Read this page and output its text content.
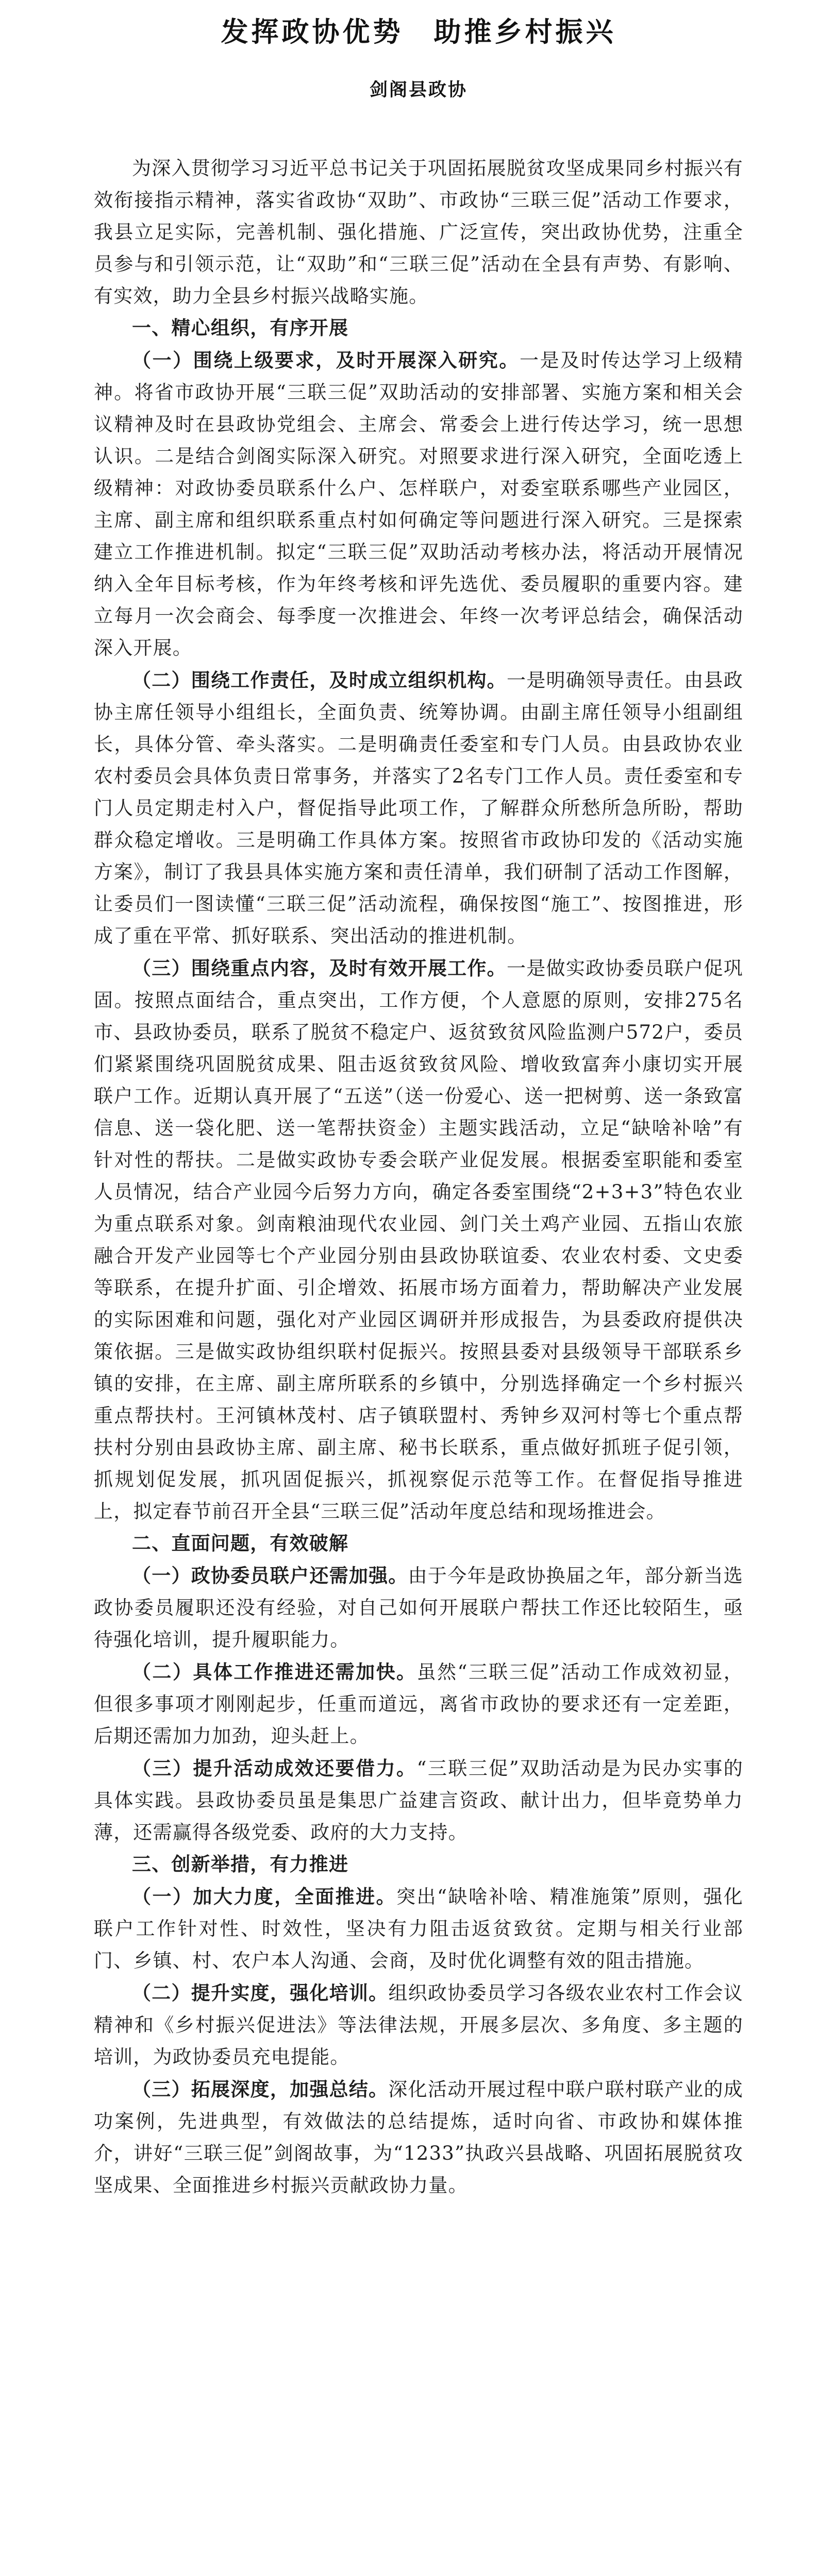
发挥政协优势　助推乡村振兴
剑阁县政协

为深入贯彻学习习近平总书记关于巩固拓展脱贫攻坚成果同乡村振兴有效衔接指示精神，落实省政协“双助”、市政协“三联三促”活动工作要求，我县立足实际，完善机制、强化措施、广泛宣传，突出政协优势，注重全员参与和引领示范，让“双助”和“三联三促”活动在全县有声势、有影响、有实效，助力全县乡村振兴战略实施。

一、精心组织，有序开展

（一）围绕上级要求，及时开展深入研究。一是及时传达学习上级精神。将省市政协开展“三联三促”双助活动的安排部署、实施方案和相关会议精神及时在县政协党组会、主席会、常委会上进行传达学习，统一思想认识。二是结合剑阁实际深入研究。对照要求进行深入研究，全面吃透上级精神：对政协委员联系什么户、怎样联户，对委室联系哪些产业园区，主席、副主席和组织联系重点村如何确定等问题进行深入研究。三是探索建立工作推进机制。拟定“三联三促”双助活动考核办法，将活动开展情况纳入全年目标考核，作为年终考核和评先选优、委员履职的重要内容。建立每月一次会商会、每季度一次推进会、年终一次考评总结会，确保活动深入开展。

（二）围绕工作责任，及时成立组织机构。一是明确领导责任。由县政协主席任领导小组组长，全面负责、统筹协调。由副主席任领导小组副组长，具体分管、牵头落实。二是明确责任委室和专门人员。由县政协农业农村委员会具体负责日常事务，并落实了2名专门工作人员。责任委室和专门人员定期走村入户，督促指导此项工作，了解群众所愁所急所盼，帮助群众稳定增收。三是明确工作具体方案。按照省市政协印发的《活动实施方案》，制订了我县具体实施方案和责任清单，我们研制了活动工作图解，让委员们一图读懂“三联三促”活动流程，确保按图“施工”、按图推进，形成了重在平常、抓好联系、突出活动的推进机制。

（三）围绕重点内容，及时有效开展工作。一是做实政协委员联户促巩固。按照点面结合，重点突出，工作方便，个人意愿的原则，安排275名市、县政协委员，联系了脱贫不稳定户、返贫致贫风险监测户572户，委员们紧紧围绕巩固脱贫成果、阻击返贫致贫风险、增收致富奔小康切实开展联户工作。近期认真开展了“五送”（送一份爱心、送一把树剪、送一条致富信息、送一袋化肥、送一笔帮扶资金）主题实践活动，立足“缺啥补啥”有针对性的帮扶。二是做实政协专委会联产业促发展。根据委室职能和委室人员情况，结合产业园今后努力方向，确定各委室围绕“2+3+3”特色农业为重点联系对象。剑南粮油现代农业园、剑门关土鸡产业园、五指山农旅融合开发产业园等七个产业园分别由县政协联谊委、农业农村委、文史委等联系，在提升扩面、引企增效、拓展市场方面着力，帮助解决产业发展的实际困难和问题，强化对产业园区调研并形成报告，为县委政府提供决策依据。三是做实政协组织联村促振兴。按照县委对县级领导干部联系乡镇的安排，在主席、副主席所联系的乡镇中，分别选择确定一个乡村振兴重点帮扶村。王河镇林茂村、店子镇联盟村、秀钟乡双河村等七个重点帮扶村分别由县政协主席、副主席、秘书长联系，重点做好抓班子促引领，抓规划促发展，抓巩固促振兴，抓视察促示范等工作。在督促指导推进上，拟定春节前召开全县“三联三促”活动年度总结和现场推进会。

二、直面问题，有效破解

（一）政协委员联户还需加强。由于今年是政协换届之年，部分新当选政协委员履职还没有经验，对自己如何开展联户帮扶工作还比较陌生，亟待强化培训，提升履职能力。

（二）具体工作推进还需加快。虽然“三联三促”活动工作成效初显，但很多事项才刚刚起步，任重而道远，离省市政协的要求还有一定差距，后期还需加力加劲，迎头赶上。

（三）提升活动成效还要借力。“三联三促”双助活动是为民办实事的具体实践。县政协委员虽是集思广益建言资政、献计出力，但毕竟势单力薄，还需赢得各级党委、政府的大力支持。

三、创新举措，有力推进

（一）加大力度，全面推进。突出“缺啥补啥、精准施策”原则，强化联户工作针对性、时效性，坚决有力阻击返贫致贫。定期与相关行业部门、乡镇、村、农户本人沟通、会商，及时优化调整有效的阻击措施。

（二）提升实度，强化培训。组织政协委员学习各级农业农村工作会议精神和《乡村振兴促进法》等法律法规，开展多层次、多角度、多主题的培训，为政协委员充电提能。

（三）拓展深度，加强总结。深化活动开展过程中联户联村联产业的成功案例，先进典型，有效做法的总结提炼，适时向省、市政协和媒体推介，讲好“三联三促”剑阁故事，为“1233”执政兴县战略、巩固拓展脱贫攻坚成果、全面推进乡村振兴贡献政协力量。
